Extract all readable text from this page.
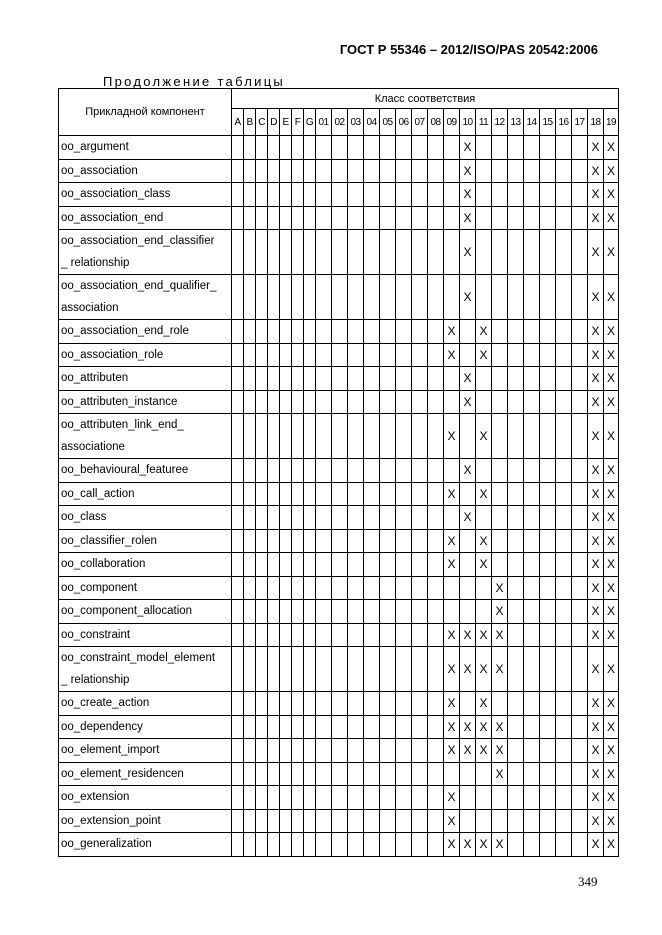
ГОСТ Р 55346 – 2012/ISO/PAS 20542:2006
Продолжение таблицы
Прикладной компонент	Класс соответствия																									
	A	B	C	D	E	F	G	01	02	03	04	05	06	07	08	09	10	11	12	13	14	15	16	17	18	19
oo_argument																	X								X	X
oo_association																	X								X	X
oo_association_class																	X								X	X
oo_association_end																	X								X	X
oo_association_end_classifier
_ relationship																	X								X	X
oo_association_end_qualifier_
association																	X								X	X
oo_association_end_role																X		X							X	X
oo_association_role																X		X							X	X
oo_attributen																	X								X	X
oo_attributen_instance																	X								X	X
oo_attributen_link_end_
associatione																X		X							X	X
oo_behavioural_featuree																	X								X	X
oo_call_action																X		X							X	X
oo_class																	X								X	X
oo_classifier_rolen																X		X							X	X
oo_collaboration																X		X							X	X
oo_component																			X						X	X
oo_component_allocation																			X						X	X
oo_constraint																X	X	X	X						X	X
oo_constraint_model_element
_ relationship																X	X	X	X						X	X
oo_create_action																X		X							X	X
oo_dependency																X	X	X	X						X	X
oo_element_import																X	X	X	X						X	X
oo_element_residencen																			X						X	X
oo_extension																X									X	X
oo_extension_point																X									X	X
oo_generalization																X	X	X	X						X	X
349
